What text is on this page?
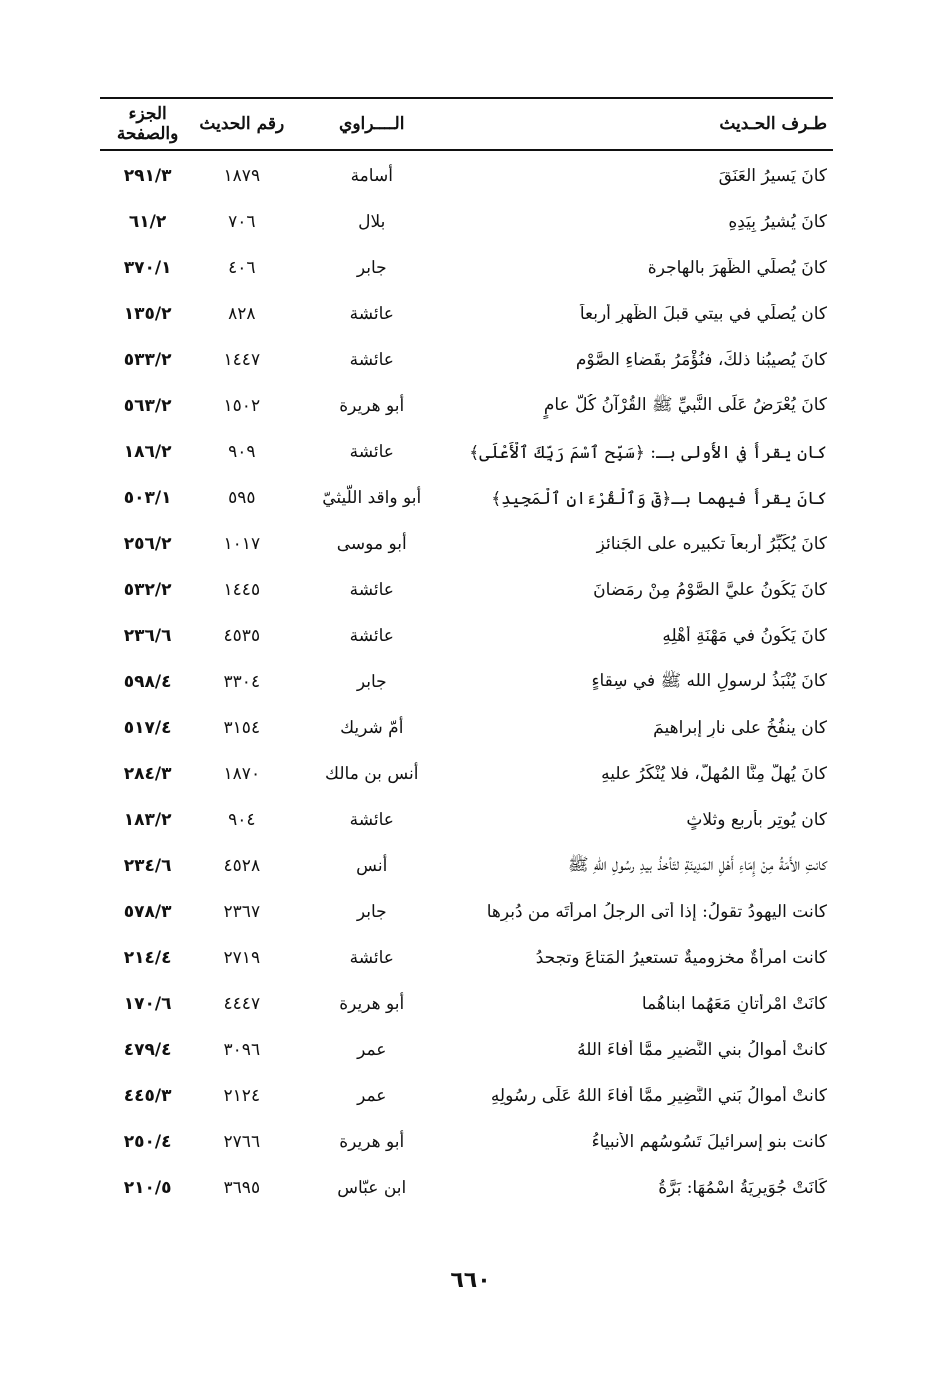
طـرف الحـديث
الــــراوي
رقم الحديث
الجزء والصفحة
كانَ يَسيرُ العَنَقَ
أسامة
١٨٧٩
٢٩١/٣
كانَ يُشيرُ بِيَدِهِ
بلال
٧٠٦
٦١/٢
كانَ يُصلِّي الظُّهرَ بالهاجرة
جابر
٤٠٦
٣٧٠/١
كان يُصلِّي في بيتي قبلَ الظُّهرِ أربعاً
عائشة
٨٢٨
١٣٥/٢
كانَ يُصيبُنا ذلكَ، فنُؤْمَرُ بقَضاءِ الصَّوْمِ
عائشة
١٤٤٧
٥٣٣/٢
كانَ يُعْرَضُ عَلَى النَّبيِّ ﷺ القُرْآنُ كُلَّ عامٍ
أبو هريرة
١٥٠٢
٥٦٣/٢
كان يقرأُ في الأُولى بـ: ﴿سَبِّحِ ٱسْمَ رَبِّكَ ٱلْأَعْلَى﴾
عائشة
٩٠٩
١٨٦/٢
كانَ يقرأُ فيهما بـ﴿قٓ وَٱلْقُرْءَانِ ٱلْمَجِيدِ﴾
أبو واقد اللّيثيّ
٥٩٥
٥٠٣/١
كانَ يُكَبِّرُ أربعاً تكبيره على الجَنائزِ
أبو موسى
١٠١٧
٢٥٦/٢
كانَ يَكُونُ عليَّ الصَّوْمُ مِنْ رمَضانَ
عائشة
١٤٤٥
٥٣٢/٢
كانَ يَكُونُ في مَهْنَةِ أَهْلِهِ
عائشة
٤٥٣٥
٢٣٦/٦
كانَ يُنْبَذُ لرسولِ الله ﷺ في سِقاءٍ
جابر
٣٣٠٤
٥٩٨/٤
كان ينفُخُ على نارِ إبراهيمَ
أمّ شريك
٣١٥٤
٥١٧/٤
كانَ يُهِلُّ مِنَّا المُهِلُّ، فلا يُنْكَرُ عليهِ
أنس بن مالك
١٨٧٠
٢٨٤/٣
كان يُوتِر بأربعٍ وثلاثٍ
عائشة
٩٠٤
١٨٣/٢
كانتِ الأَمَةُ مِنْ إِمَاءِ أَهْلِ المَدِينَةِ لتَأخذُ بيدِ رسُولِ اللهِ ﷺ
أنس
٤٥٢٨
٢٣٤/٦
كانت اليهودُ تقولُ: إذا أتى الرجلُ امرأتَه من دُبرِها
جابر
٢٣٦٧
٥٧٨/٣
كانت امرأةٌ مخزوميةٌ تستعيرُ المَتاعَ وتجحدُ
عائشة
٢٧١٩
٢١٤/٤
كانَتْ امْرأتانِ مَعَهُما ابناهُما
أبو هريرة
٤٤٤٧
١٧٠/٦
كانتْ أموالُ بني النَّضيرِ ممَّا أفاءَ اللهُ
عمر
٣٠٩٦
٤٧٩/٤
كانتْ أموالُ بَني النَّضِيرِ ممَّا أفاءَ اللهُ عَلَى رسُولِهِ
عمر
٢١٢٤
٤٤٥/٣
كانت بنو إسرائيلَ تَسُوسُهم الأنبياءُ
أبو هريرة
٢٧٦٦
٢٥٠/٤
كَانَتْ جُوَيرِيَةُ اسْمُهَا: بَرَّةُ
ابن عبّاس
٣٦٩٥
٢١٠/٥
٦٦٠
